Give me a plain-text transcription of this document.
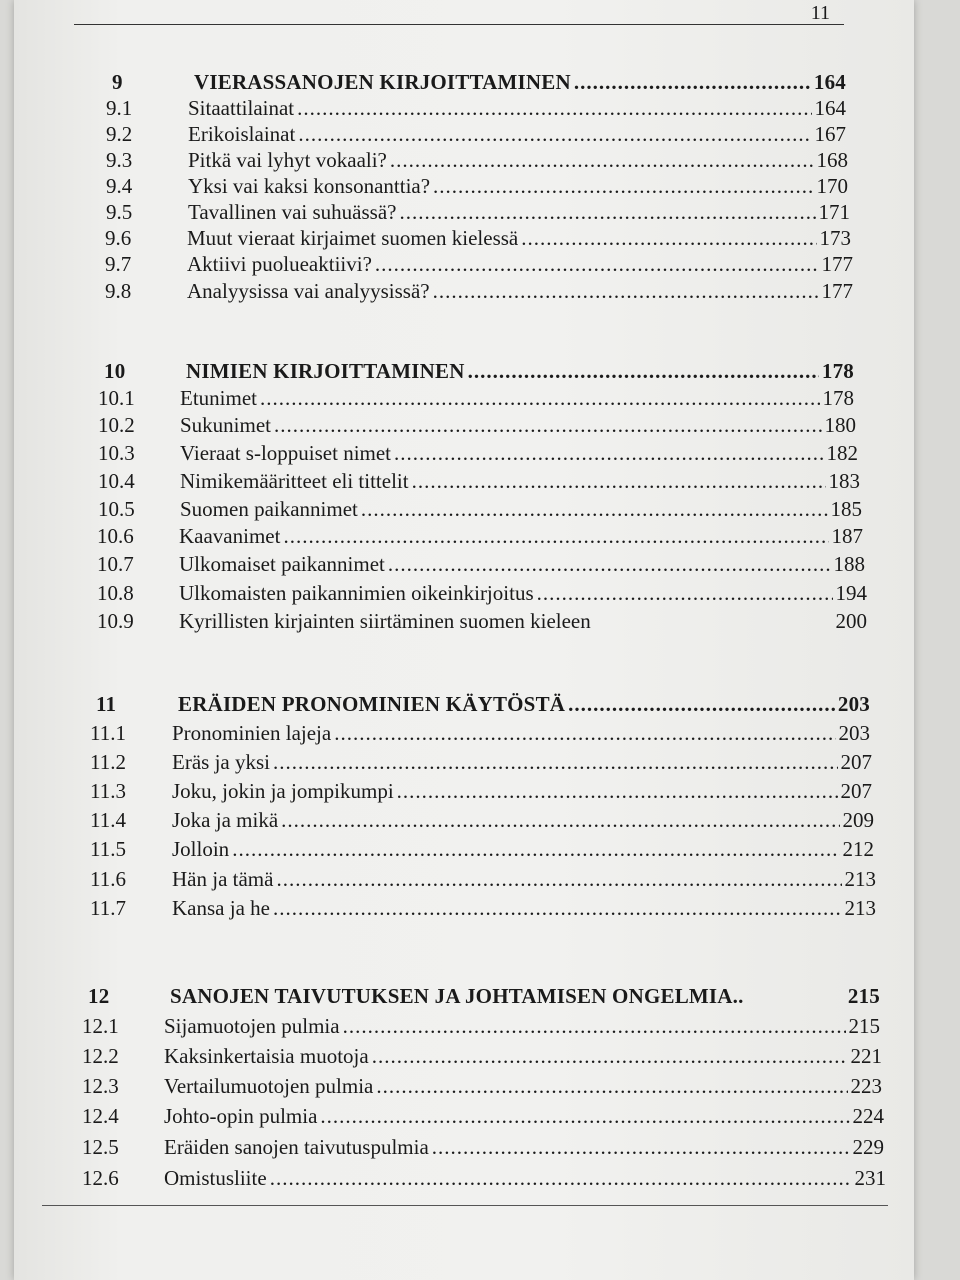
11
9	VIERASSANOJEN KIRJOITTAMINEN .....	164
9.1	Sitaattilainat .....	164
9.2	Erikoislainat .....	167
9.3	Pitkä vai lyhyt vokaali? .....	168
9.4	Yksi vai kaksi konsonanttia? .....	170
9.5	Tavallinen vai suhuässä? .....	171
9.6	Muut vieraat kirjaimet suomen kielessä .....	173
9.7	Aktiivi puolueaktiivi? .....	177
9.8	Analyysissa vai analyysissä? .....	177
10	NIMIEN KIRJOITTAMINEN .....	178
10.1	Etunimet .....	178
10.2	Sukunimet .....	180
10.3	Vieraat s-loppuiset nimet .....	182
10.4	Nimikemääritteet eli tittelit .....	183
10.5	Suomen paikannimet .....	185
10.6	Kaavanimet .....	187
10.7	Ulkomaiset paikannimet .....	188
10.8	Ulkomaisten paikannimien oikeinkirjoitus .....	194
10.9	Kyrillisten kirjainten siirtäminen suomen kieleen	200
11	ERÄIDEN PRONOMINIEN KÄYTÖSTÄ .....	203
11.1	Pronominien lajeja .....	203
11.2	Eräs ja yksi .....	207
11.3	Joku, jokin ja jompikumpi .....	207
11.4	Joka ja mikä .....	209
11.5	Jolloin .....	212
11.6	Hän ja tämä .....	213
11.7	Kansa ja he .....	213
12	SANOJEN TAIVUTUKSEN JA JOHTAMISEN ONGELMIA..	215
12.1	Sijamuotojen pulmia .....	215
12.2	Kaksinkertaisia muotoja .....	221
12.3	Vertailumuotojen pulmia .....	223
12.4	Johto-opin pulmia .....	224
12.5	Eräiden sanojen taivutuspulmia .....	229
12.6	Omistusliite .....	231
